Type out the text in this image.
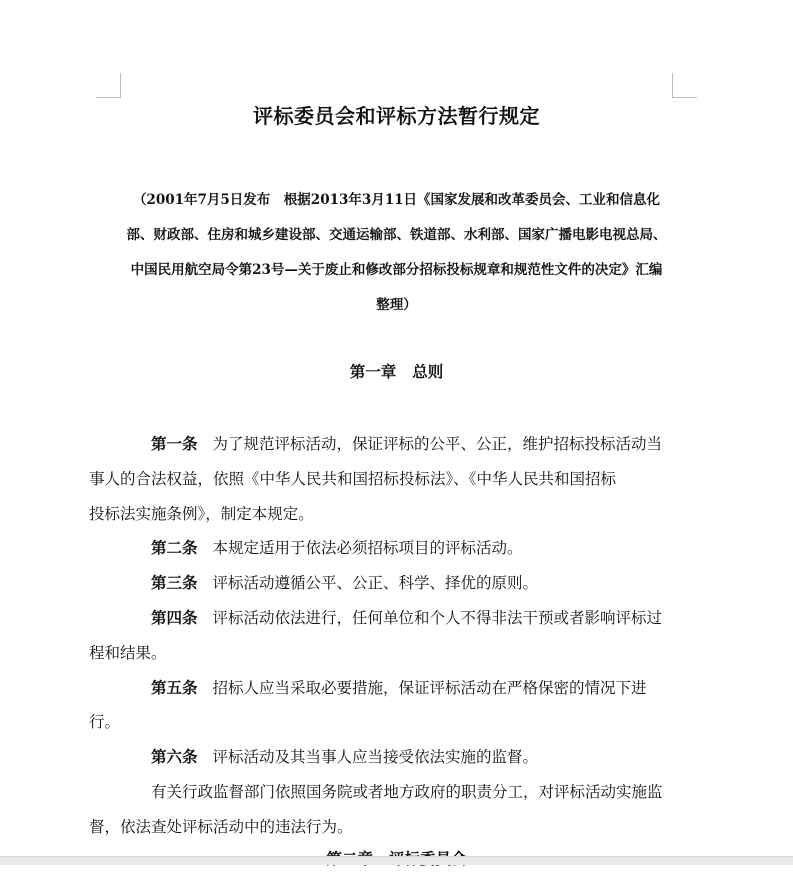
评标委员会和评标方法暂行规定
（2001年7月5日发布　根据2013年3月11日《国家发展和改革委员会、工业和信息化
部、财政部、住房和城乡建设部、交通运输部、铁道部、水利部、国家广播电影电视总局、
中国民用航空局令第23号—关于废止和修改部分招标投标规章和规范性文件的决定》汇编
整理）
第一章 总则

第一条 为了规范评标活动，保证评标的公平、公正，维护招标投标活动当
事人的合法权益，依照《中华人民共和国招标投标法》、《中华人民共和国招标
投标法实施条例》，制定本规定。

第二条 本规定适用于依法必须招标项目的评标活动。

第三条 评标活动遵循公平、公正、科学、择优的原则。

第四条 评标活动依法进行，任何单位和个人不得非法干预或者影响评标过
程和结果。

第五条 招标人应当采取必要措施，保证评标活动在严格保密的情况下进
行。

第六条 评标活动及其当事人应当接受依法实施的监督。

有关行政监督部门依照国务院或者地方政府的职责分工，对评标活动实施监
督，依法查处评标活动中的违法行为。
